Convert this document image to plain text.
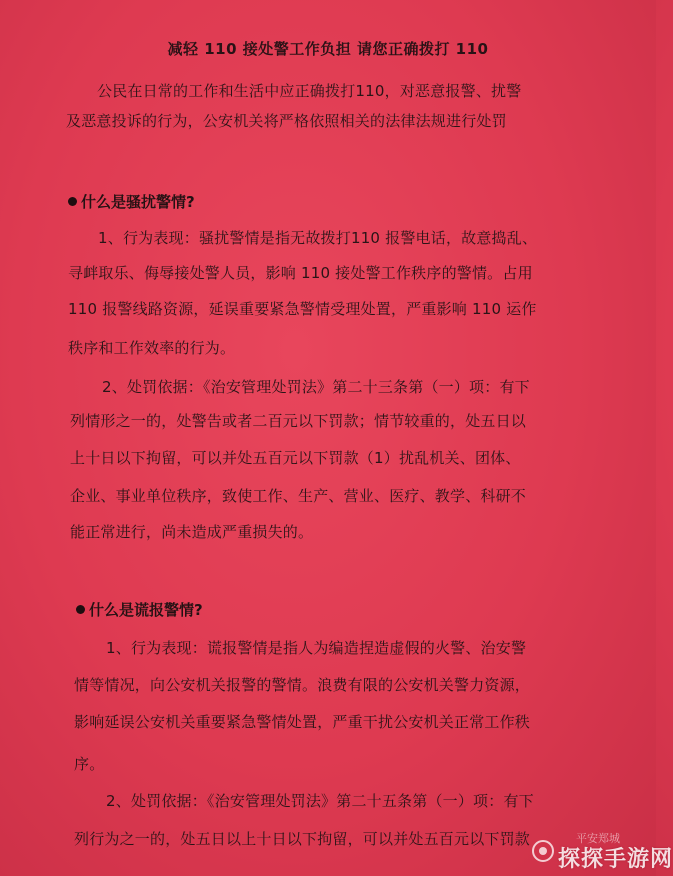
减轻 110 接处警工作负担 请您正确拨打 110
公民在日常的工作和生活中应正确拨打110，对恶意报警、扰警
及恶意投诉的行为，公安机关将严格依照相关的法律法规进行处罚
什么是骚扰警情?
1、行为表现：骚扰警情是指无故拨打110 报警电话，故意捣乱、
寻衅取乐、侮辱接处警人员，影响 110 接处警工作秩序的警情。占用
110 报警线路资源，延误重要紧急警情受理处置，严重影响 110 运作
秩序和工作效率的行为。
2、处罚依据：《治安管理处罚法》第二十三条第（一）项：有下
列情形之一的，处警告或者二百元以下罚款；情节较重的，处五日以
上十日以下拘留，可以并处五百元以下罚款（1）扰乱机关、团体、
企业、事业单位秩序，致使工作、生产、营业、医疗、教学、科研不
能正常进行，尚未造成严重损失的。
什么是谎报警情?
1、行为表现：谎报警情是指人为编造捏造虚假的火警、治安警
情等情况，向公安机关报警的警情。浪费有限的公安机关警力资源，
影响延误公安机关重要紧急警情处置，严重干扰公安机关正常工作秩
序。
2、处罚依据：《治安管理处罚法》第二十五条第（一）项：有下
列行为之一的，处五日以上十日以下拘留，可以并处五百元以下罚款	平安郑城
探探手游网
